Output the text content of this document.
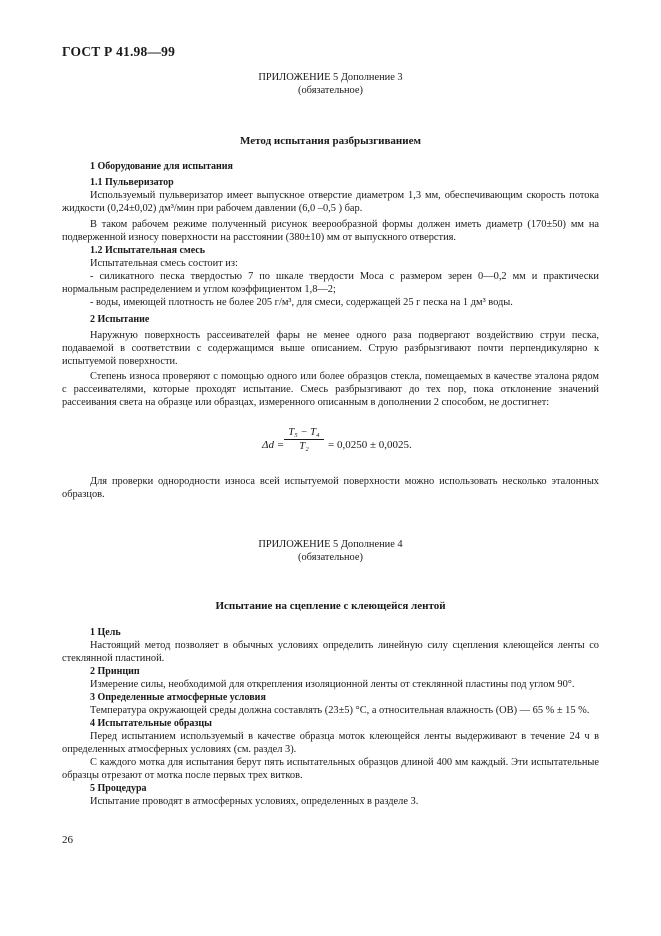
ГОСТ Р 41.98—99
ПРИЛОЖЕНИЕ 5 Дополнение 3
(обязательное)
Метод испытания разбрызгиванием

1 Оборудование для испытания

1.1 Пульверизатор

Используемый пульверизатор имеет выпускное отверстие диаметром 1,3 мм, обеспечивающим скорость потока жидкости (0,24±0,02) дм³/мин при рабочем давлении (6,0 –0,5 ) бар.

В таком рабочем режиме полученный рисунок веерообразной формы должен иметь диаметр (170±50) мм на подверженной износу поверхности на расстоянии (380±10) мм от выпускного отверстия.

1.2 Испытательная смесь

Испытательная смесь состоит из:

- силикатного песка твердостью 7 по шкале твердости Моса с размером зерен 0—0,2 мм и практически нормальным распределением и углом коэффициентом 1,8—2;

- воды, имеющей плотность не более 205 г/м³, для смеси, содержащей 25 г песка на 1 дм³ воды.

2 Испытание

Наружную поверхность рассеивателей фары не менее одного раза подвергают воздействию струи песка, подаваемой в соответствии с содержащимся выше описанием. Струю разбрызгивают почти перпендикулярно к испытуемой поверхности.

Степень износа проверяют с помощью одного или более образцов стекла, помещаемых в качестве эталона рядом с рассеивателями, которые проходят испытание. Смесь разбрызгивают до тех пор, пока отклонение значений рассеивания света на образце или образцах, измеренного описанным в дополнении 2 способом, не достигнет:

Δd =
T₅ − T₄
T₂	= 0,0250 ± 0,0025.

Для проверки однородности износа всей испытуемой поверхности можно использовать несколько эталонных образцов.

ПРИЛОЖЕНИЕ 5 Дополнение 4
(обязательное)
Испытание на сцепление с клеющейся лентой

1 Цель

Настоящий метод позволяет в обычных условиях определить линейную силу сцепления клеющейся ленты со стеклянной пластиной.

2 Принцип

Измерение силы, необходимой для открепления изоляционной ленты от стеклянной пластины под углом 90°.

3 Определенные атмосферные условия

Температура окружающей среды должна составлять (23±5) °С, а относительная влажность (ОВ) — 65 % ± 15 %.

4 Испытательные образцы

Перед испытанием используемый в качестве образца моток клеющейся ленты выдерживают в течение 24 ч в определенных атмосферных условиях (см. раздел 3).

С каждого мотка для испытания берут пять испытательных образцов длиной 400 мм каждый. Эти испытательные образцы отрезают от мотка после первых трех витков.

5 Процедура

Испытание проводят в атмосферных условиях, определенных в разделе 3.

26
